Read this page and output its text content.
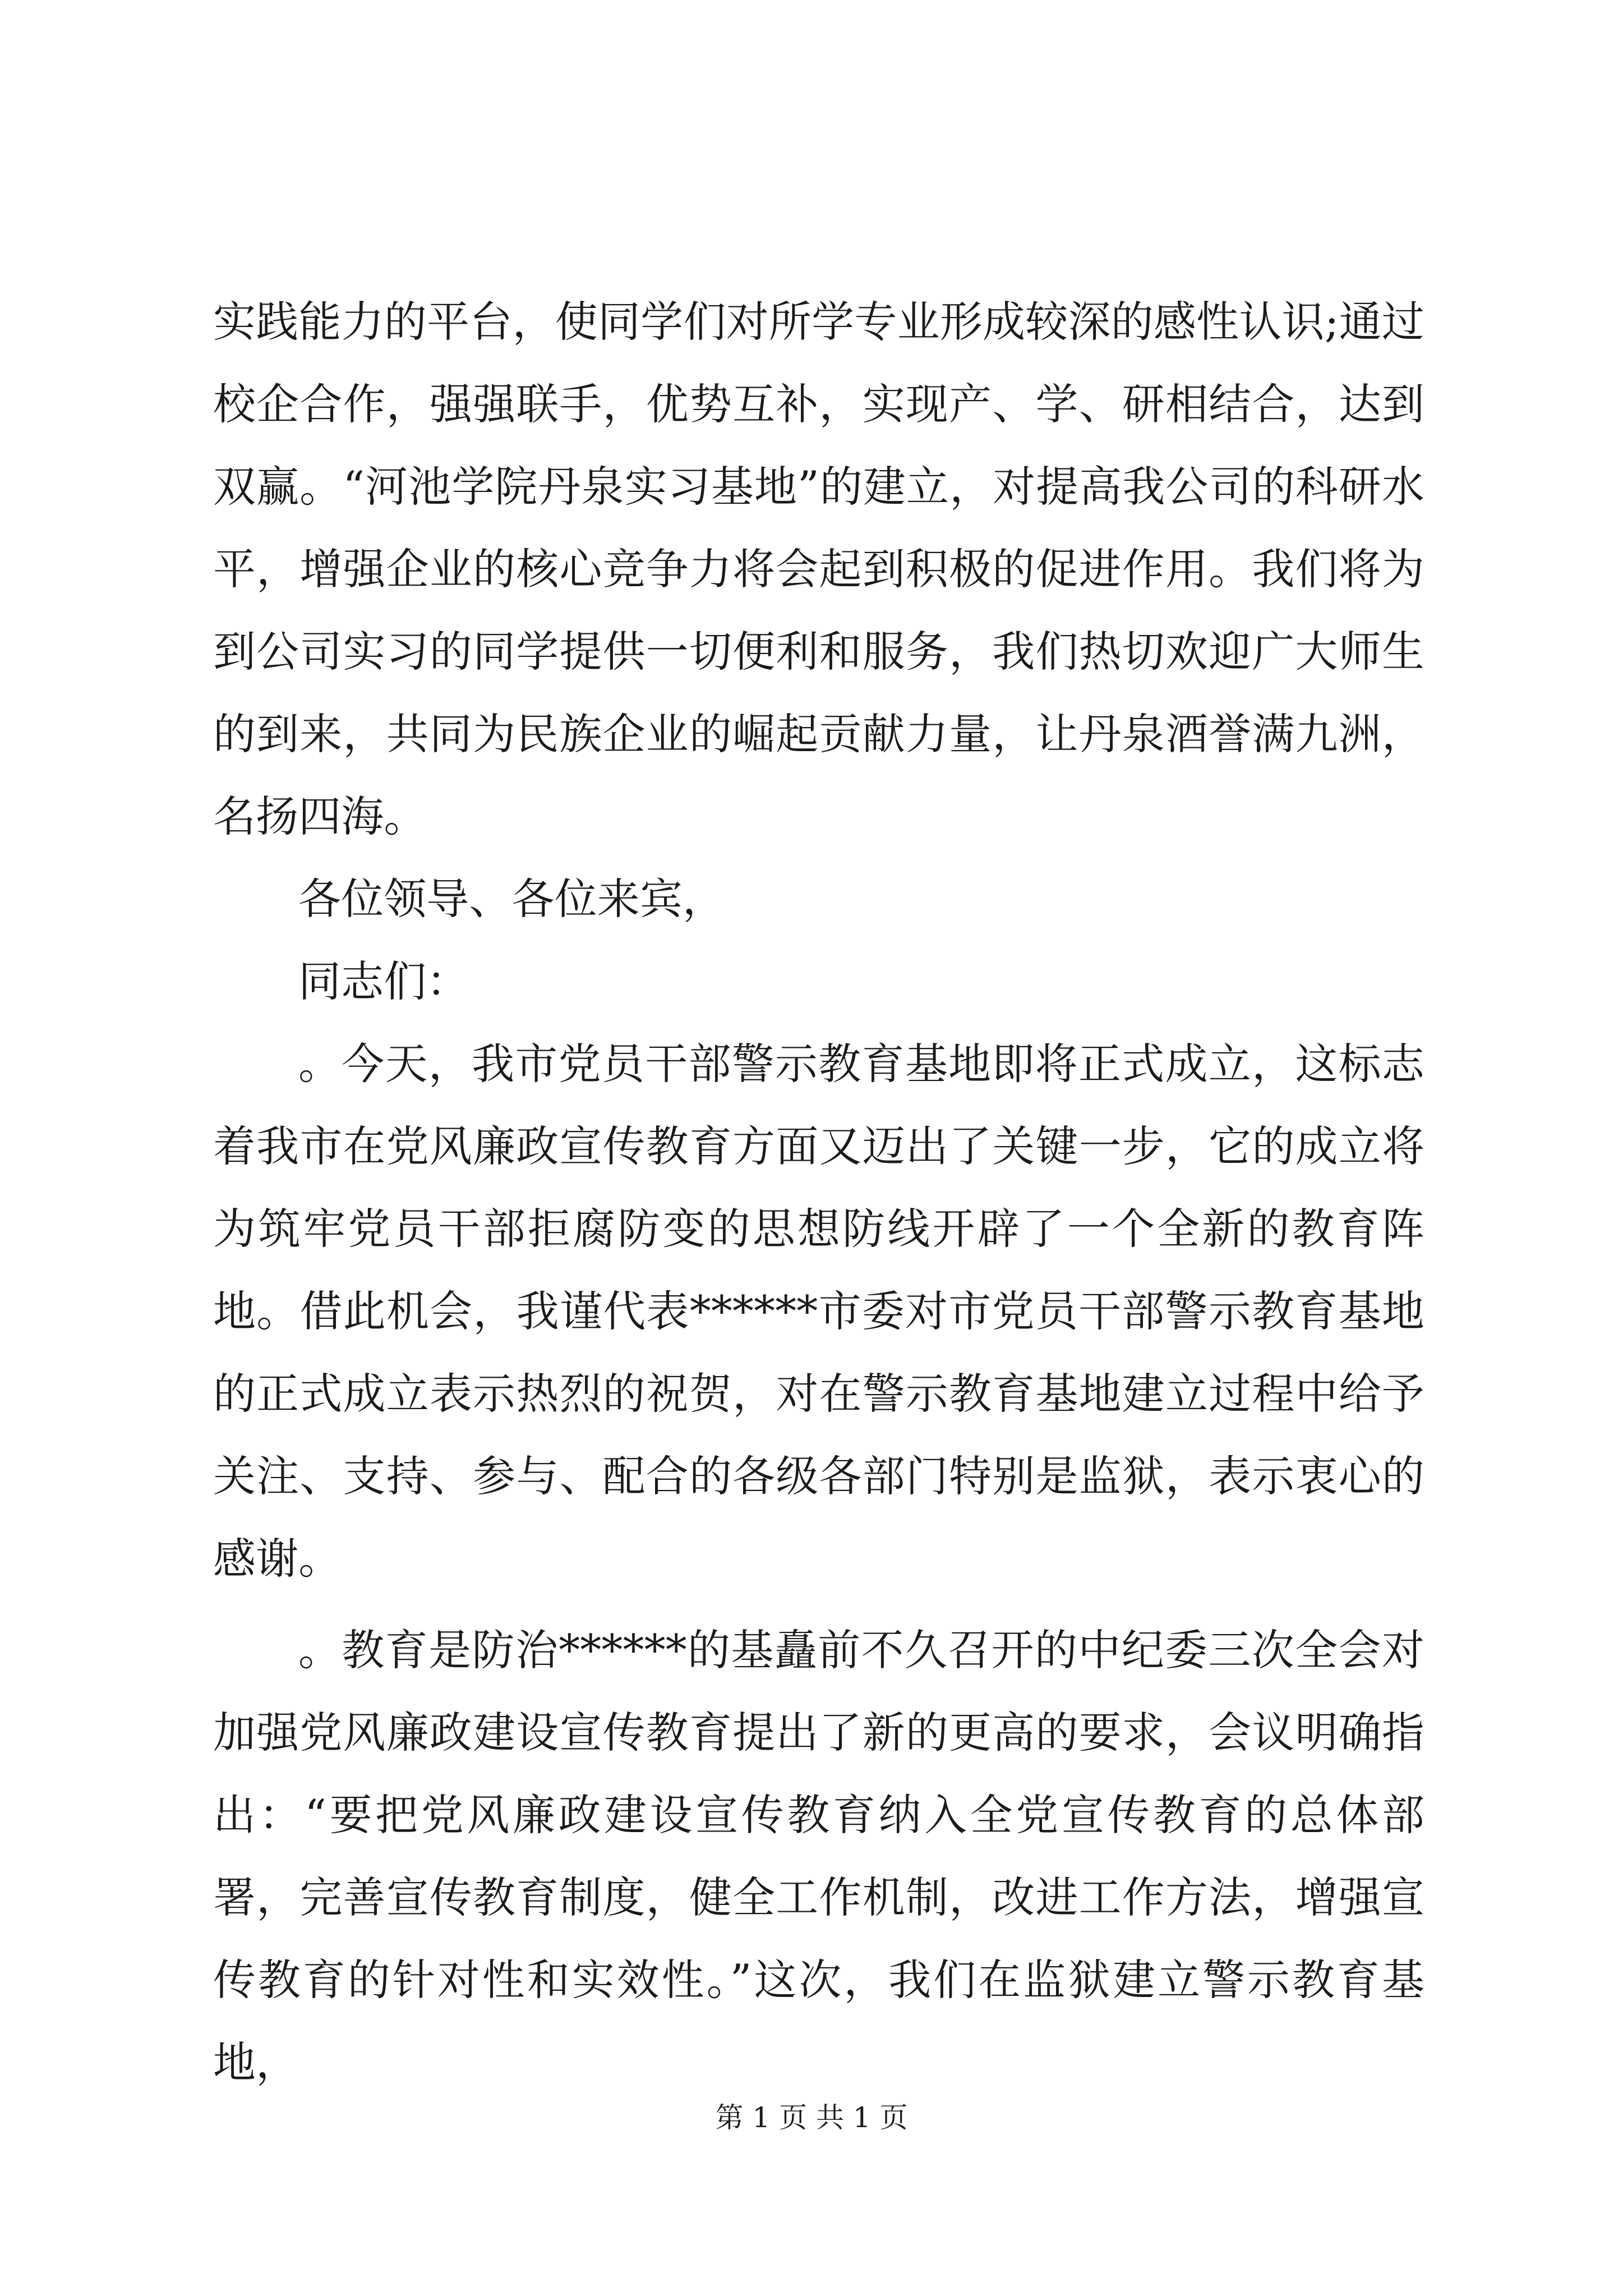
实践能力的平台，使同学们对所学专业形成较深的感性认识;通过校企合作，强强联手，优势互补，实现产、学、研相结合，达到双赢。“河池学院丹泉实习基地”的建立，对提高我公司的科研水平，增强企业的核心竞争力将会起到积极的促进作用。我们将为到公司实习的同学提供一切便利和服务，我们热切欢迎广大师生的到来，共同为民族企业的崛起贡献力量，让丹泉酒誉满九洲，名扬四海。

各位领导、各位来宾，

同志们：

。今天，我市党员干部警示教育基地即将正式成立，这标志着我市在党风廉政宣传教育方面又迈出了关键一步，它的成立将为筑牢党员干部拒腐防变的思想防线开辟了一个全新的教育阵地。借此机会，我谨代表******市委对市党员干部警示教育基地的正式成立表示热烈的祝贺，对在警示教育基地建立过程中给予关注、支持、参与、配合的各级各部门特别是监狱，表示衷心的感谢。

。教育是防治******的基矗前不久召开的中纪委三次全会对加强党风廉政建设宣传教育提出了新的更高的要求，会议明确指出：“要把党风廉政建设宣传教育纳入全党宣传教育的总体部署，完善宣传教育制度，健全工作机制，改进工作方法，增强宣传教育的针对性和实效性。”这次，我们在监狱建立警示教育基地，

第 1 页 共 1 页
